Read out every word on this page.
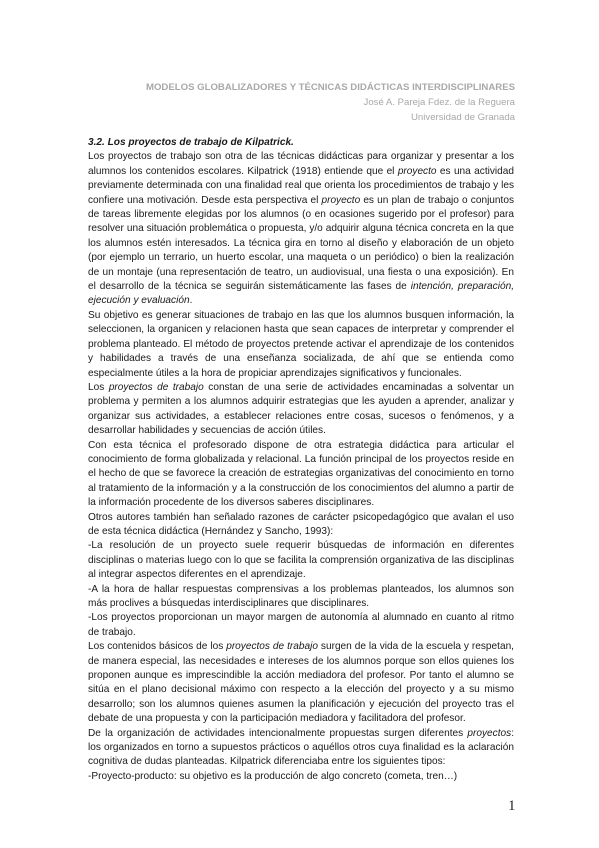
MODELOS GLOBALIZADORES Y TÉCNICAS DIDÁCTICAS INTERDISCIPLINARES
José A. Pareja Fdez. de la Reguera
Universidad de Granada

3.2. Los proyectos de trabajo de Kilpatrick.

Los proyectos de trabajo son otra de las técnicas didácticas para organizar y presentar a los alumnos los contenidos escolares. Kilpatrick (1918) entiende que el proyecto es una actividad previamente determinada con una finalidad real que orienta los procedimientos de trabajo y les confiere una motivación. Desde esta perspectiva el proyecto es un plan de trabajo o conjuntos de tareas libremente elegidas por los alumnos (o en ocasiones sugerido por el profesor) para resolver una situación problemática o propuesta, y/o adquirir alguna técnica concreta en la que los alumnos estén interesados. La técnica gira en torno al diseño y elaboración de un objeto (por ejemplo un terrario, un huerto escolar, una maqueta o un periódico) o bien la realización de un montaje (una representación de teatro, un audiovisual, una fiesta o una exposición). En el desarrollo de la técnica se seguirán sistemáticamente las fases de intención, preparación, ejecución y evaluación.

Su objetivo es generar situaciones de trabajo en las que los alumnos busquen información, la seleccionen, la organicen y relacionen hasta que sean capaces de interpretar y comprender el problema planteado. El método de proyectos pretende activar el aprendizaje de los contenidos y habilidades a través de una enseñanza socializada, de ahí que se entienda como especialmente útiles a la hora de propiciar aprendizajes significativos y funcionales.

Los proyectos de trabajo constan de una serie de actividades encaminadas a solventar un problema y permiten a los alumnos adquirir estrategias que les ayuden a aprender, analizar y organizar sus actividades, a establecer relaciones entre cosas, sucesos o fenómenos, y a desarrollar habilidades y secuencias de acción útiles.

Con esta técnica el profesorado dispone de otra estrategia didáctica para articular el conocimiento de forma globalizada y relacional. La función principal de los proyectos reside en el hecho de que se favorece la creación de estrategias organizativas del conocimiento en torno al tratamiento de la información y a la construcción de los conocimientos del alumno a partir de la información procedente de los diversos saberes disciplinares.

Otros autores también han señalado razones de carácter psicopedagógico que avalan el uso de esta técnica didáctica (Hernández y Sancho, 1993):

-La resolución de un proyecto suele requerir búsquedas de información en diferentes disciplinas o materias luego con lo que se facilita la comprensión organizativa de las disciplinas al integrar aspectos diferentes en el aprendizaje.

-A la hora de hallar respuestas comprensivas a los problemas planteados, los alumnos son más proclives a búsquedas interdisciplinares que disciplinares.

-Los proyectos proporcionan un mayor margen de autonomía al alumnado en cuanto al ritmo de trabajo.

Los contenidos básicos de los proyectos de trabajo surgen de la vida de la escuela y respetan, de manera especial, las necesidades e intereses de los alumnos porque son ellos quienes los proponen aunque es imprescindible la acción mediadora del profesor. Por tanto el alumno se sitúa en el plano decisional máximo con respecto a la elección del proyecto y a su mismo desarrollo; son los alumnos quienes asumen la planificación y ejecución del proyecto tras el debate de una propuesta y con la participación mediadora y facilitadora del profesor.

De la organización de actividades intencionalmente propuestas surgen diferentes proyectos: los organizados en torno a supuestos prácticos o aquéllos otros cuya finalidad es la aclaración cognitiva de dudas planteadas. Kilpatrick diferenciaba entre los siguientes tipos:

-Proyecto-producto: su objetivo es la producción de algo concreto (cometa, tren…)

1
